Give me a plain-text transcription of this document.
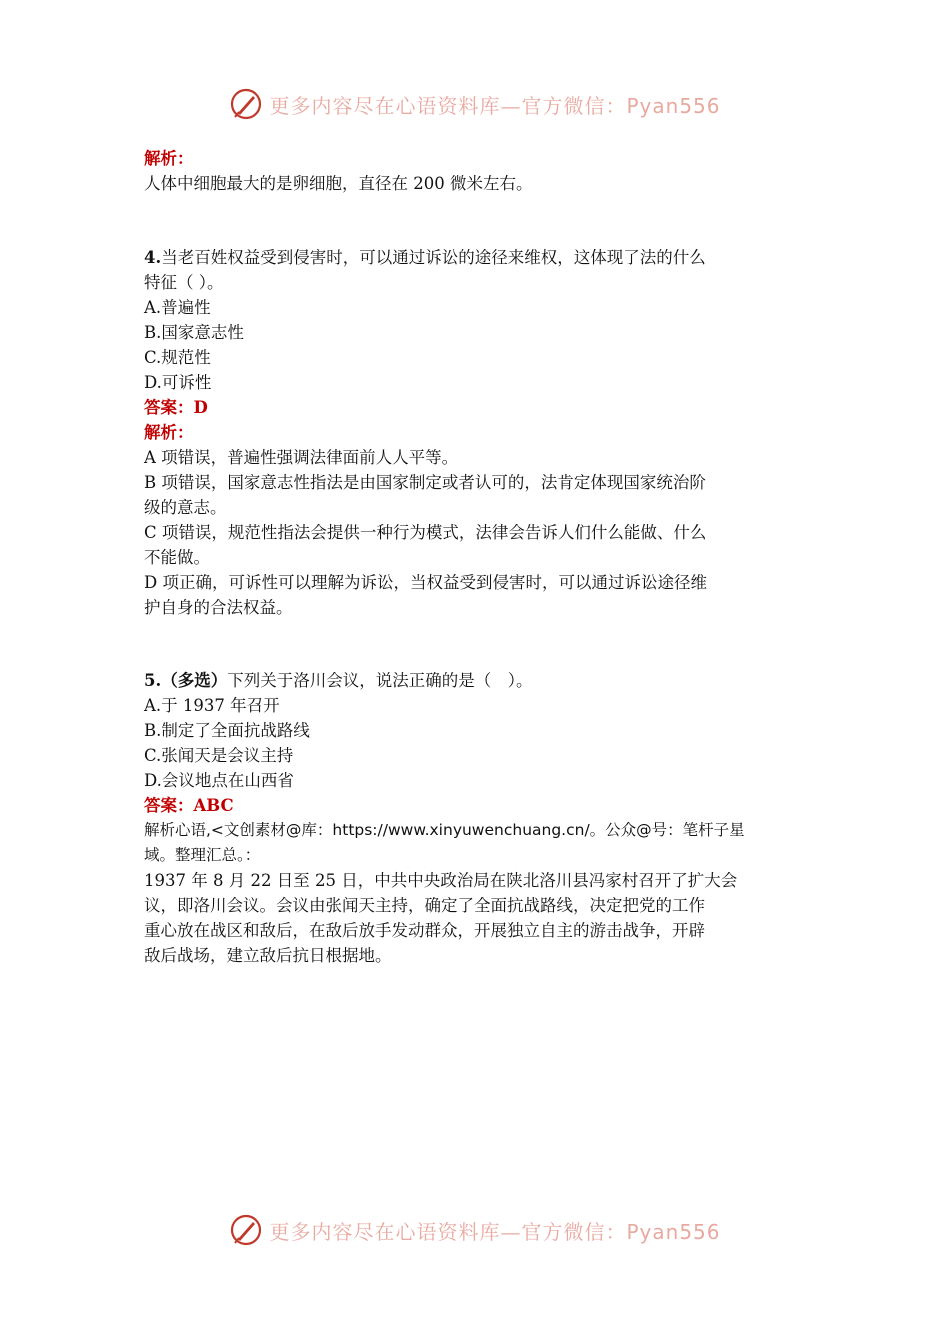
更多内容尽在心语资料库—官方微信：Pyan556
解析：
人体中细胞最大的是卵细胞，直径在 200 微米左右。
4.当老百姓权益受到侵害时，可以通过诉讼的途径来维权，这体现了法的什么
特征（ ）。
A.普遍性
B.国家意志性
C.规范性
D.可诉性
答案：D
解析：
A 项错误，普遍性强调法律面前人人平等。
B 项错误，国家意志性指法是由国家制定或者认可的，法肯定体现国家统治阶
级的意志。
C 项错误，规范性指法会提供一种行为模式，法律会告诉人们什么能做、什么
不能做。
D 项正确，可诉性可以理解为诉讼，当权益受到侵害时，可以通过诉讼途径维
护自身的合法权益。
5.（多选）下列关于洛川会议，说法正确的是（　）。
A.于 1937 年召开
B.制定了全面抗战路线
C.张闻天是会议主持
D.会议地点在山西省
答案：ABC
解析心语,<文创素材@库：https://www.xinyuwenchuang.cn/。公众@号：笔杆子星
域。整理汇总。：
1937 年 8 月 22 日至 25 日，中共中央政治局在陕北洛川县冯家村召开了扩大会
议，即洛川会议。会议由张闻天主持，确定了全面抗战路线，决定把党的工作
重心放在战区和敌后，在敌后放手发动群众，开展独立自主的游击战争，开辟
敌后战场，建立敌后抗日根据地。
更多内容尽在心语资料库—官方微信：Pyan556
